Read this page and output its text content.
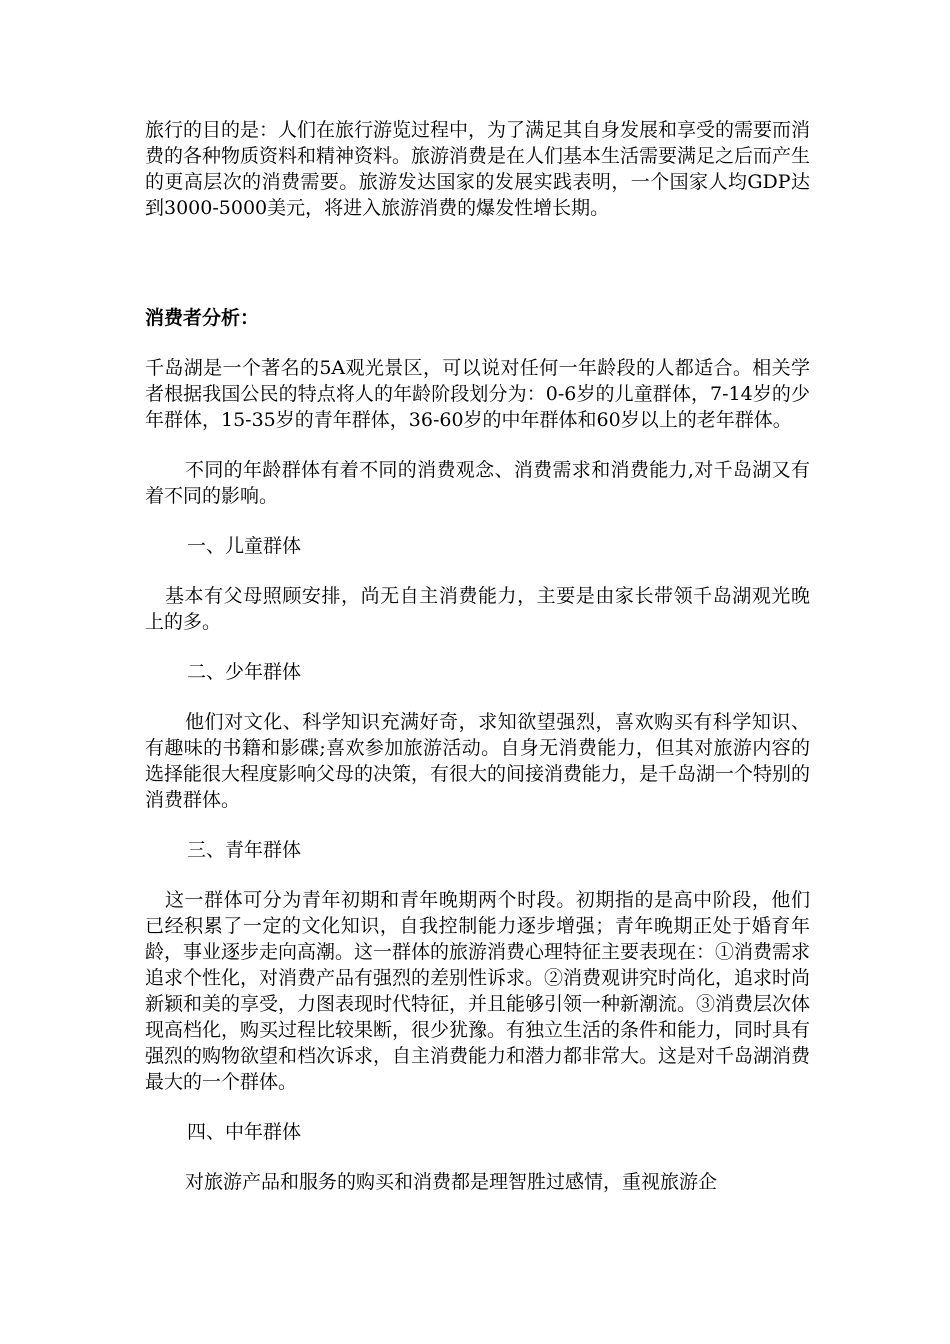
旅行的目的是：人们在旅行游览过程中，为了满足其自身发展和享受的需要而消费的各种物质资料和精神资料。旅游消费是在人们基本生活需要满足之后而产生的更高层次的消费需要。旅游发达国家的发展实践表明，一个国家人均GDP达到3000-5000美元，将进入旅游消费的爆发性增长期。

消费者分析：

千岛湖是一个著名的5A观光景区，可以说对任何一年龄段的人都适合。相关学者根据我国公民的特点将人的年龄阶段划分为：0-6岁的儿童群体，7-14岁的少年群体，15-35岁的青年群体，36-60岁的中年群体和60岁以上的老年群体。

不同的年龄群体有着不同的消费观念、消费需求和消费能力,对千岛湖又有着不同的影响。

一、儿童群体

基本有父母照顾安排，尚无自主消费能力，主要是由家长带领千岛湖观光晚上的多。

二、少年群体

他们对文化、科学知识充满好奇，求知欲望强烈，喜欢购买有科学知识、有趣味的书籍和影碟;喜欢参加旅游活动。自身无消费能力，但其对旅游内容的选择能很大程度影响父母的决策，有很大的间接消费能力，是千岛湖一个特别的消费群体。

三、青年群体

这一群体可分为青年初期和青年晚期两个时段。初期指的是高中阶段，他们已经积累了一定的文化知识，自我控制能力逐步增强；青年晚期正处于婚育年龄，事业逐步走向高潮。这一群体的旅游消费心理特征主要表现在：①消费需求追求个性化，对消费产品有强烈的差别性诉求。②消费观讲究时尚化，追求时尚新颖和美的享受，力图表现时代特征，并且能够引领一种新潮流。③消费层次体现高档化，购买过程比较果断，很少犹豫。有独立生活的条件和能力，同时具有强烈的购物欲望和档次诉求，自主消费能力和潜力都非常大。这是对千岛湖消费最大的一个群体。

四、中年群体

对旅游产品和服务的购买和消费都是理智胜过感情，重视旅游企
